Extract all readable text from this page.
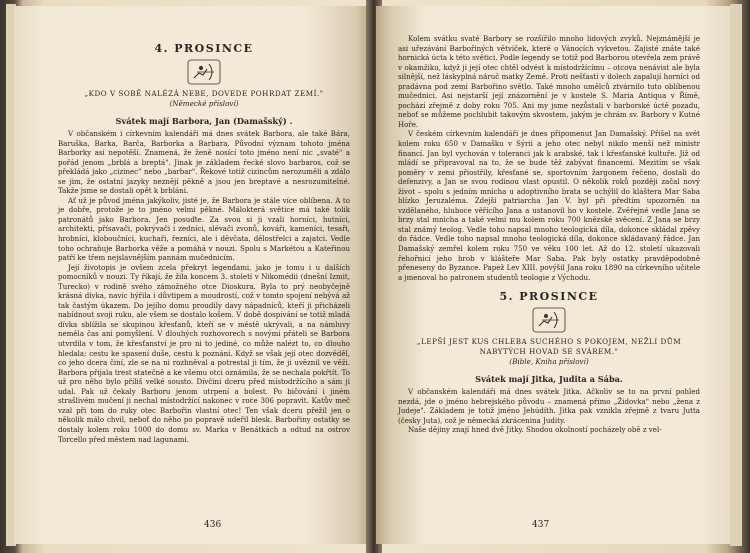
4. PROSINCE
„KDO V SOBĚ NALÉZÁ NEBE, DOVEDE POHRDAT ZEMÍ."
(Německé přísloví)
Svátek mají Barbora, Jan (Damašský) .

V občanském i církevním kalendáři má dnes svátek Barbora, ale také Bára, Baruška, Barka, Barča, Barborka a Barbara. Původní význam tohoto jména Barborky asi nepotěší. Znamená, že ženě nosící toto jméno není nic „svaté" a pořád jenom „brblá a breptá". Jinak je základem řecké slovo barbaros, což se překládá jako „cizinec" nebo „barbar". Řekové totiž cizincům nerozuměli a zdálo se jim, že ostatní jazyky neznějí pěkně a jsou jen breptavé a nesrozumitelné. Takže jsme se dostali opět k brblání.

Ať už je původ jména jakýkoliv, jisté je, že Barbora je stále více oblíbena. A to je dobře, protože je to jméno velmi pěkné. Málokterá světice má také tolik patronátů jako Barbora. Jen posuďte. Za svou si ji vzali horníci, hutníci, architekti, přísavači, pokrývači i zedníci, slévači zvonů, kováři, kameníci, tesaři, hrobníci, kloboučníci, kuchaři, řezníci, ale i děvčata, dělostřelci a zajatci. Vedle toho ochraňuje Barborka věže a pomáhá v nouzi. Spolu s Markétou a Kateřinou patří ke třem nejslavnějším pannám mučednicím.

Její životopis je ovšem zcela překryt legendami, jako je tomu i u dalších pomocníků v nouzi. Ty říkají, že žila koncem 3. století v Nikomédii (dnešní Izmit, Turecko) v rodině svého zámožného otce Dioskura. Byla to prý neobyčejně krásná dívka, navíc hýřila i důvtipem a moudrostí, což v tomto spojení nebývá až tak častým úkazem. Do jejího domu proudily davy nápadníců, kteří ji přicházeli nabídnout svoji ruku, ale všem se dostalo košem. V době dospívání se totiž mladá dívka sblížila se skupinou křesťanů, kteří se v městě ukrývali, a na námluvy neměla čas ani pomyšlení. V dlouhých rozhovorech s novými přáteli se Barbora utvrdila v tom, že křesťanství je pro ni to jediné, co může nalézt to, co dlouho hledala: cestu ke spasení duše, cestu k poznání. Když se však její otec dozvěděl, co jeho dcera činí, zle se na ni rozhněval a potrestal ji tím, že ji uvěznil ve věži. Barbora přijala trest statečně a ke všemu otci oznámila, že se nechala pokřtít. To už pro něho bylo příliš velké sousto. Dívčini dceru před místodržícího a sám ji udal. Pak už čekaly Barboru jenom utrpení a bolest. Po bičování i jiném strašlivém mučení ji nechal místodržící nakonec v roce 306 popravit. Katův meč vzal při tom do ruky otec Barbořin vlastní otec! Ten však dceru přežil jen o několik málo chvil, neboť do něho po popravě udeřil blesk. Barbořiny ostatky se dostaly kolem roku 1000 do domu sv. Marka v Benátkách a odtud na ostrov Torcello před městem nad lagunami.

436

Kolem svátku svaté Barbory se rozšířilo mnoho lidových zvyků. Nejznámější je asi uřezávání Barbořiných větviček, které o Vánocích vykvetou. Zajisté znáte také hornická úcta k této světici. Podle legendy se totiž pod Barborou otevřela zem právě v okamžiku, když ji její otec chtěl odvést k místodržícímu – otcova nenávist ale byla silnější, než láskyplná náruč matky Země. Proti nešťastí v dolech zapalují horníci od pradávna pod zemí Barbořino světlo. Také mnoho umělců ztvárnilo tuto oblíbenou mučednici. Asi nejstarší její znázornění je v kostele S. Maria Antiqua v Římě, pochází zřejmě z doby roku 705. Ani my jsme nezůstali v barborské úctě pozadu, neboť se můžeme pochlubit takovým skvostem, jakým je chrám sv. Barbory v Kutné Hoře.

V českém církevním kalendáři je dnes připomenut Jan Damašský. Přišel na svět kolem roku 650 v Damašku v Sýrii a jeho otec nebyl nikdo menší než ministr financí. Jan byl vychován v toleranci jak k arabské, tak i křesťanské kultuře. Již od mládí se připravoval na to, že se bude těž zabývat financemi. Mezitím se však poměry v zemi přiostřily, křesťané se, sportovním žargonem řečeno, dostali do defenzivy, a Jan se svou rodinou vlast opustil. O několik roků později začal nový život – spolu s jedním mnicha u adoptivního brata se uchýlil do kláštera Mar Saba blízko Jeruzaléma. Zdejší patriarcha Jan V. byl při předtím upozorněn na vzdělaného, hluboce věřícího Jana a ustanovil ho v kostele. Zvěřejné vedle Jana se brzy stal mnicha a také velmi mu kolem roku 700 knězské svěcení. Z Jana se brzy stal známý teolog. Vedle toho napsal mnoho teologická díla, dokonce skládal zpěvy do řádce. Vedle toho napsal mnoho teologická díla, dokonce skládavaný řádce. Jan Damašský zemřel kolem roku 750 ve věku 100 let. Až do 12. století ukazovali řehořnicí jeho hrob v klášteře Mar Saba. Pak byly ostatky pravděpodobně přeneseny do Byzance. Papež Lev XIII. povýšil Jana roku 1890 na církevního učitele a jmenoval ho patronem studentů teologie z Východu.

5. PROSINCE
„LEPŠÍ JEST KUS CHLEBA SUCHÉHO S POKOJEM, NEŽLI DŮM NABYTÝCH HOVAD SE SVÁREM."
(Bible, Kniha přísloví)
Svátek mají Jitka, Judita a Sába.

V občanském kalendáři má dnes svátek Jitka. Ačkoliv se to na první pohled nezdá, jde o jméno hebrejského původu – znamená přímo „Židovka" nebo „žena z Judeje". Základem je totiž jméno Jehúdíth. Jitka pak vznikla zřejmě z tvaru Jutta (česky Juta), což je německá zkrácenina Judity.

Naše dějiny znají hned dvě Jitky. Shodou okolností pocházely obě z vel-

437
